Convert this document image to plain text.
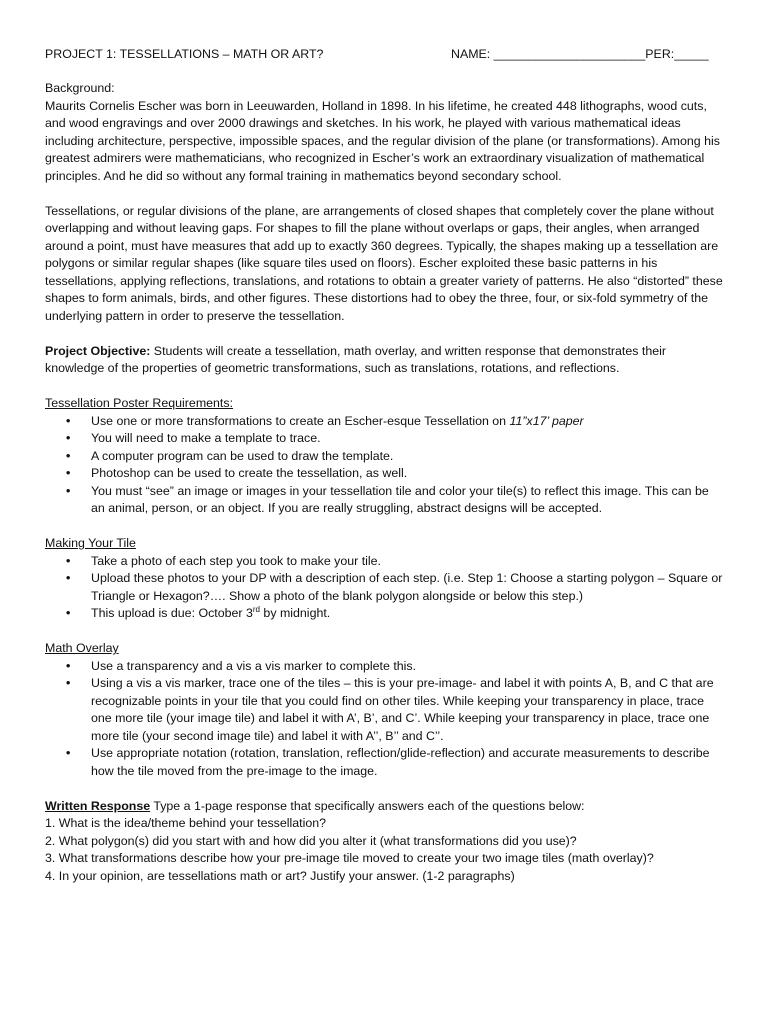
PROJECT 1: TESSELLATIONS – MATH OR ART?	NAME: ______________________PER:_____

Background:

Maurits Cornelis Escher was born in Leeuwarden, Holland in 1898. In his lifetime, he created 448 lithographs, wood cuts, and wood engravings and over 2000 drawings and sketches. In his work, he played with various mathematical ideas including architecture, perspective, impossible spaces, and the regular division of the plane (or transformations). Among his greatest admirers were mathematicians, who recognized in Escher’s work an extraordinary visualization of mathematical principles. And he did so without any formal training in mathematics beyond secondary school.

Tessellations, or regular divisions of the plane, are arrangements of closed shapes that completely cover the plane without overlapping and without leaving gaps. For shapes to fill the plane without overlaps or gaps, their angles, when arranged around a point, must have measures that add up to exactly 360 degrees. Typically, the shapes making up a tessellation are polygons or similar regular shapes (like square tiles used on floors). Escher exploited these basic patterns in his tessellations, applying reflections, translations, and rotations to obtain a greater variety of patterns. He also “distorted” these shapes to form animals, birds, and other figures. These distortions had to obey the three, four, or six-fold symmetry of the underlying pattern in order to preserve the tessellation.

Project Objective: Students will create a tessellation, math overlay, and written response that demonstrates their knowledge of the properties of geometric transformations, such as translations, rotations, and reflections.

Tessellation Poster Requirements:

• Use one or more transformations to create an Escher-esque Tessellation on 11”x17’ paper
• You will need to make a template to trace.
• A computer program can be used to draw the template.
• Photoshop can be used to create the tessellation, as well.
• You must “see” an image or images in your tessellation tile and color your tile(s) to reflect this image. This can be an animal, person, or an object. If you are really struggling, abstract designs will be accepted.

Making Your Tile

• Take a photo of each step you took to make your tile.
• Upload these photos to your DP with a description of each step. (i.e. Step 1: Choose a starting polygon – Square or Triangle or Hexagon?…. Show a photo of the blank polygon alongside or below this step.)
• This upload is due: October 3rd by midnight.

Math Overlay

• Use a transparency and a vis a vis marker to complete this.
• Using a vis a vis marker, trace one of the tiles – this is your pre-image- and label it with points A, B, and C that are recognizable points in your tile that you could find on other tiles. While keeping your transparency in place, trace one more tile (your image tile) and label it with A’, B’, and C’. While keeping your transparency in place, trace one more tile (your second image tile) and label it with A’’, B’’ and C’’.
• Use appropriate notation (rotation, translation, reflection/glide-reflection) and accurate measurements to describe how the tile moved from the pre-image to the image.

Written Response Type a 1-page response that specifically answers each of the questions below:

1. What is the idea/theme behind your tessellation?

2. What polygon(s) did you start with and how did you alter it (what transformations did you use)?

3. What transformations describe how your pre-image tile moved to create your two image tiles (math overlay)?

4. In your opinion, are tessellations math or art? Justify your answer. (1-2 paragraphs)
